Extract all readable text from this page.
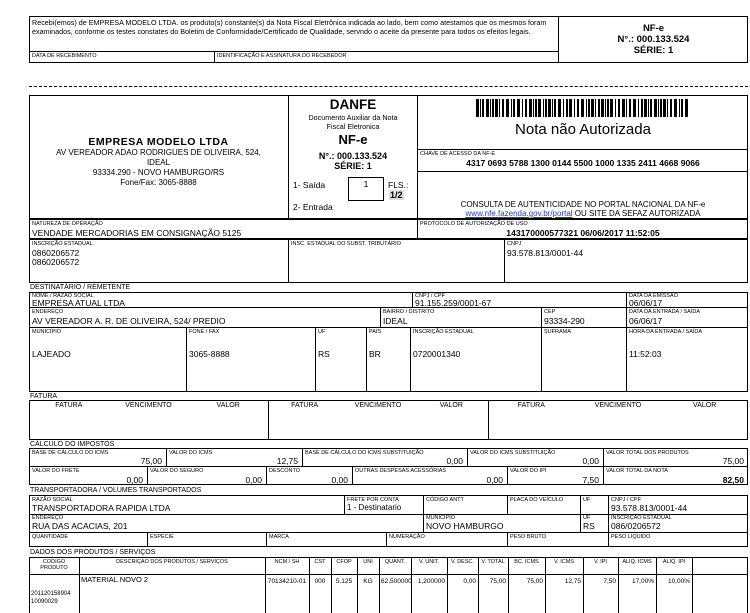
Recebi(emos) de EMPRESA MODELO LTDA. os produto(s) constante(s) da Nota Fiscal Eletrônica indicada ao lado, bem como atestamos que os mesmos foram examinados, conforme os testes constates do Boletim de Conformidade/Certificado de Qualidade, servndo o aceite da presente para todos os efeitos legais.
DATA DE RECEBIMENTO	IDENTIFICAÇÃO E ASSINATURA DO RECEBEDOR
NF-e
N°.: 000.133.524
SÉRIE: 1
EMPRESA MODELO LTDA
AV VEREADOR ADAO RODRIGUES DE OLIVEIRA, 524,
IDEAL
93334.290 - NOVO HAMBURGO/RS
Fone/Fax: 3065-8888
DANFE
Documento Auxiliar da Nota
Fiscal Eletronica
NF-e
N°.: 000.133.524
SÉRIE: 1
1- Saída
2- Entrada
1	FLS.:
1/2
Nota não Autorizada
CHAVE DE ACESSO DA NF-E
4317 0693 5788 1300 0144 5500 1000 1335 2411 4668 9066
CONSULTA DE AUTENTICIDADE NO PORTAL NACIONAL DA NF-e
www.nfe.fazenda.gov.br/portal OU SITE DA SEFAZ AUTORIZADA
NATUREZA DE OPERAÇÃO
VENDADE MERCADORIAS EM CONSIGNAÇÃO 5125
PROTOCOLO DE AUTORIZAÇÃO DE USO
143170000577321 06/06/2017 11:52:05
INSCRIÇÃO ESTADUAL
0860206572
0860206572
INSC. ESTADUAL DO SUBST. TRIBUTÁRIO	CNPJ
93.578.813/0001-44
DESTINATÁRIO / REMETENTE
NOME / RAZÃO SOCIAL
EMPRESA ATUAL LTDA
CNPJ / CPF
91.155.259/0001-67
DATA DA EMISSÃO
06/06/17
ENDEREÇO
AV VEREADOR A. R. DE OLIVEIRA, 524/ PREDIO
BAIRRO / DISTRITO
IDEAL
CEP
93334-290
DATA DA ENTRADA / SAÍDA
06/06/17
MUNICÍPIO
LAJEADO
FONE / FAX
3065-8888
UF
RS
PAIS
BR
INSCRIÇÃO ESTADUAL
0720001340
SUFRAMA	HORA DA ENTRADA / SAÍDA
11:52:03
FATURA
CÁLCULO DO IMPOSTOS
TRANSPORTADORA / VOLUMES TRANSPORTADOS
RAZÃO SOCIAL
TRANSPORTADORA RAPIDA LTDA
FRETE POR CONTA
1 - Destinatario
CÓDIGO ANTT	PLACA DO VEÍCULO	UF	CNPJ / CPF
93.578.813/0001-44
ENDEREÇO
RUA DAS ACACIAS, 201
MUNICÍPIO
NOVO HAMBURGO
UF
RS
INSCRIÇÃO ESTADUAL
086/0206572
QUANTIDADE	ESPÉCIE	MARCA	NUMERAÇÃO	PESO BRUTO	PESO LÍQUIDO
DADOS DOS PRODUTOS / SERVIÇOS
FATURA	VENCIMENTO	VALOR	FATURA	VENCIMENTO	VALOR	FATURA	VENCIMENTO	VALOR
BASE DE CÁLCULO DO ICMS
75,00
VALOR DO ICMS
12,75
BASE DE CÁLCULO DO ICMS SUBSTITUIÇÃO
0,00
VALOR DO ICMS SUBSTITUIÇÃO
0,00
VALOR TOTAL DOS PRODUTOS
75,00
VALOR DO FRETE
0,00
VALOR DO SEGURO
0,00
DESCONTO
0,00
OUTRAS DESPESAS ACESSÓRIAS
0,00
VALOR DO IPI
7,50
VALOR TOTAL DA NOTA
82,50
CÓDIGO PRODUTO
DESCRIÇÃO DOS PRODUTOS / SERVIÇOS	NCM / SH	CST	CFOP	UNI	QUANT.	V. UNIT.	V. DESC.	V. TOTAL	BC. ICMS	V. ICMS	V. IPI	ALIQ. ICMS	ALIQ. IPI
201120158904
10090029
MATERIAL NOVO 2	70134210-01	000	5.125	KG	62,500000 1,200000	0,00	75,00	75,00	12,75	7,50	17,00%	10,00%
